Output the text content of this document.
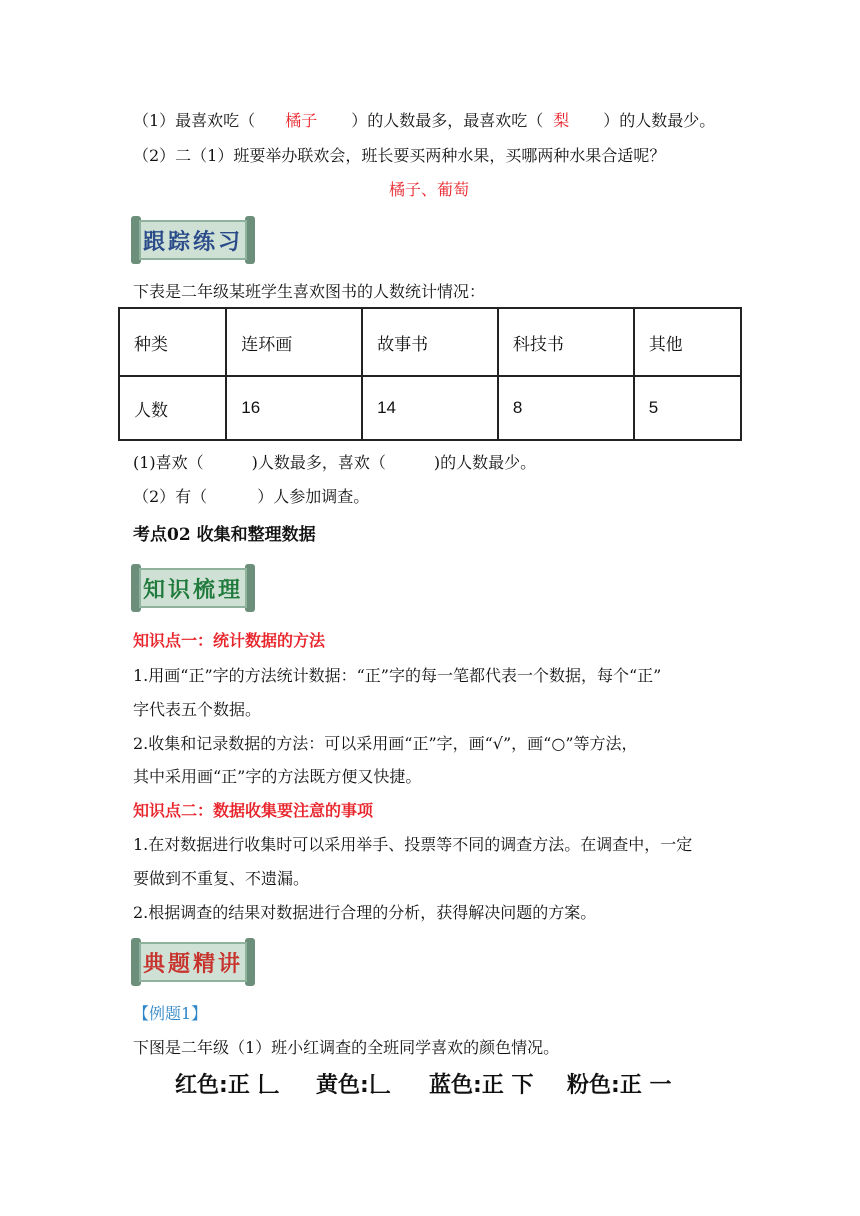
（1）最喜欢吃（ 橘子 ）的人数最多，最喜欢吃（ 梨 ）的人数最少。
（2）二（1）班要举办联欢会，班长要买两种水果，买哪两种水果合适呢？
橘子、葡萄
跟踪练习
下表是二年级某班学生喜欢图书的人数统计情况：
种类	连环画	故事书	科技书	其他
人数	16	14	8	5
(1)喜欢（	)人数最多，喜欢（	)的人数最少。
（2）有（	）人参加调查。
考点02 收集和整理数据
知识梳理
知识点一：统计数据的方法
1.用画“正”字的方法统计数据：“正”字的每一笔都代表一个数据，每个“正”
字代表五个数据。
2.收集和记录数据的方法：可以采用画“正”字，画“√”，画“○”等方法，
其中采用画“正”字的方法既方便又快捷。
知识点二：数据收集要注意的事项
1.在对数据进行收集时可以采用举手、投票等不同的调查方法。在调查中，一定
要做到不重复、不遗漏。
2.根据调查的结果对数据进行合理的分析，获得解决问题的方案。
典题精讲
【例题1】
下图是二年级（1）班小红调查的全班同学喜欢的颜色情况。
红色:正 𠃊 黄色:𠃊 蓝色:正 下 粉色:正 一
